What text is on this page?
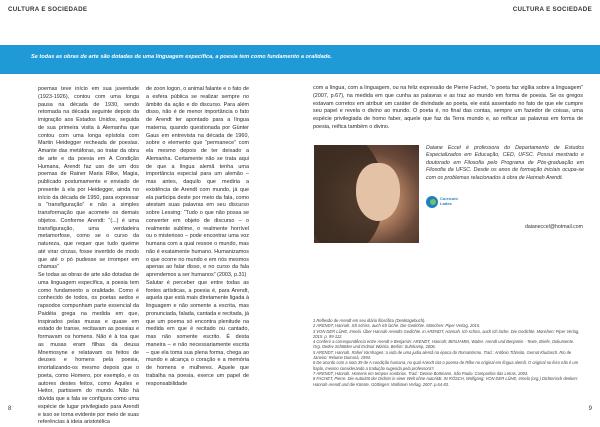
CULTURA E SOCIEDADE	CULTURA E SOCIEDADE
Se todas as obras de arte são dotadas de uma linguagem específica, a poesia tem como fundamento a oralidade.

poemas teve início em sua juventude (1923-1926), contou com uma longa pausa na década de 1930, sendo retomada na década seguinte depois da imigração aos Estados Unidos, seguida de sua primeira visita à Alemanha que contou com uma longa epístola com Martin Heidegger recheada de poesias. Amante das metáforas, ao tratar da obra de arte e da poesia em A Condição Humana, Arendt faz uso de um dos poemas de Rainer Maria Rilke, Magia, publicado postumamente e enviado de presente à ela por Heidegger, ainda no início da década de 1950, para expressar a “transfiguração” e não a simples transformação que acomete os demais objetos. Conforme Arendt: “(...) é uma transfiguração, uma verdadeira metamorfose, como se o curso da natureza, que requer que tudo queime até virar cinzas, fosse invertido de modo que até o pó pudesse se irromper em chamas”

Se todas as obras de arte são dotadas de uma linguagem específica, a poesia tem como fundamento a oralidade. Como é conhecido de todos, os poetas aedos e rapsodos compunham parte essencial da Paidéia grega na medida em que, inspirados pelas musas e quase em estado de transe, recitavam as poesias e formavam os homens. Não é à toa que as musas eram filhas da deusa Mnemosyne e relatavam os feitos de deuses e homens pela poesia, imortalizando-os mesmo depois que o poeta, como Homero, por exemplo, e os autores destes feitos, como Aquiles e Heitor, partissem do mundo. Não há dúvida que a fala se configura como uma espécie de lugar privilegiado para Arendt e isso se torna evidente por meio de suas referências à ideia aristotélica

de zoon logon, o animal falante e o fato de a esfera pública se realizar sempre no âmbito da ação e do discurso. Para além disso, não é de menor importância o fato de Arendt ter apontado para a língua materna, quando questionada por Günter Gaus em entrevista na década de 1960, sobre o elemento que “permanece” com ela mesmo depois de ter deixado a Alemanha. Certamente não se trata aqui de que a língua alemã tenha uma importância especial para um alemão – mas antes, daquilo que mediria a existência de Arendt com mundo, já que ela participa deste por meio da fala, como atestam suas palavras em seu discurso sobre Lessing: “Tudo o que não possa se converter em objeto de discurso – o realmente sublime, o realmente horrível ou o misterioso – pode encontrar uma voz humana com a qual ressoe o mundo, mas não é exatamente humano. Humanizamos o que ocorre no mundo e em nós mesmos apenas ao falar disso, e no curso da fala aprendemos a ser humanos” (2003, p.31)

Salutar é perceber que entre todas as fontes artísticas, a poesia é, para Arendt, aquela que está mais diretamente ligada à linguagem e não somente a escrita, mas pronunciada, falada, cantada e recitada, já que um poema só encontra plenitude na medida em que é recitado ou cantado, mas não somente escrito. É desta maneira – e não necessariamente escrita – que ela toma sua plena forma, chega ao mundo e alcança o coração e a memória de homens e mulheres. Aquele que trabalha na poesia, exerce um papel de responsabilidade

com a língua, com a linguagem, ou na feliz expressão de Pierre Fachet, “o poeta faz vigília sobre a linguagem” (2007, p.67), na medida em que cunha as palavras e as traz ao mundo em forma de poesia. Se os gregos estavam corretos em atribuir um caráter de divindade ao poeta, ele está assentado no fato de que ele cumpre seu papel e revela o divino ao mundo. O poeta é, no final das contas, sempre um fazedor de coisas, uma espécie privilegiada de homo faber, aquele que faz da Terra mundo e, ao reificar as palavras em forma de poesia, reifica também o divino.

Daiane Eccel é professora do Departamento de Estudos Especializados em Educação, CED, UFSC. Possui mestrado e doutorado em Filosofia pelo Programa de Pós-graduação em Filosofia da UFSC. Desde os anos de formação iniciais ocupa-se com os problemas relacionados à obra de Hannah Arendt.
Currículo
Lattes
daianeccel@hotmail.com

1 Reflexão de Arendt em seu diário filosófico (Denktagebuch).

2 ARENDT, Hannah. Ich schiss, auch ich lache. Die Gedichte. München: Piper Verlag, 2015.

3 VON DER LÜHE, Irmela. Über Hannah Arendts Gedichte. In ARENDT, Hannah. Ich schiss, auch ich lache. Die Gedichte. München: Piper Verlag, 2015. p. 99-112.

4 Conferir a correspondência entre Arendt e Benjamin: ARENDT, Hannah; BENJAMIN, Walter. Arendt und Benjamin - Texte, Briefe, Dokumente. Org. Detlev Schöttker und Erdmut Wizisla. Berlim: Suhrkamp, 2006.

5 ARENDT, Hannah. Rahel Varnhagen: a vida de uma judia alemã na época do Romantismo. Trad.: Antônio Trânsito, Gernot Kludasch. Rio de Janeiro: Relume Dumará, 1994.

6 De acordo com a nota 39 de A condição humana, no qual Arendt cita o poema de Rilke no original em língua alemã. O original no livro não é um haplo, mesmo considerando a tradução sugerida pela professora?.

7 ARENDT, Hannah. Homens em tempos sombrios. Trad.: Denise Bottmann. São Paulo: Companhia das Letras, 2003.

8 FACHET, Pierre. Die Autorität der Dichter in einer Welt ohne Autorität. IN RÖSCH, Wolfgang; VON DER LÜHE, Irmela (org.) Dichterisch denken: Hannah Arendt und die Künste. Göttingen: Wallstein Verlag, 2007. p.64-83.

8	9
